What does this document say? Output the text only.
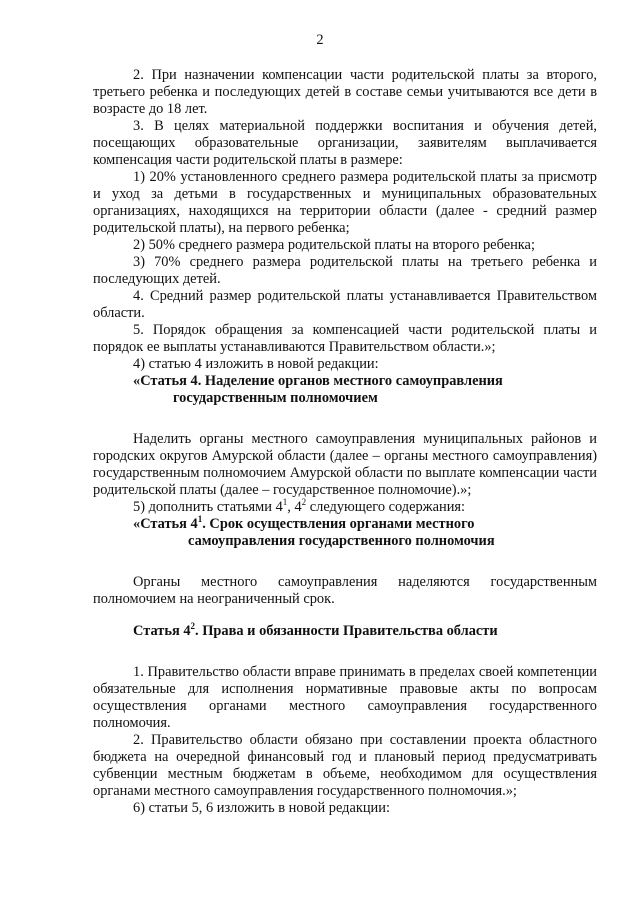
2

2. При назначении компенсации части родительской платы за второго, третьего ребенка и последующих детей в составе семьи учитываются все дети в возрасте до 18 лет.

3. В целях материальной поддержки воспитания и обучения детей, посещающих образовательные организации, заявителям выплачивается компенсация части родительской платы в размере:

1) 20% установленного среднего размера родительской платы за присмотр и уход за детьми в государственных и муниципальных образовательных организациях, находящихся на территории области (далее - средний размер родительской платы), на первого ребенка;

2) 50% среднего размера родительской платы на второго ребенка;

3) 70% среднего размера родительской платы на третьего ребенка и последующих детей.

4. Средний размер родительской платы устанавливается Правительством области.

5. Порядок обращения за компенсацией части родительской платы и порядок ее выплаты устанавливаются Правительством области.»;

4) статью 4 изложить в новой редакции:

«Статья 4. Наделение органов местного самоуправления

государственным полномочием

Наделить органы местного самоуправления муниципальных районов и городских округов Амурской области (далее – органы местного самоуправления) государственным полномочием Амурской области по выплате компенсации части родительской платы (далее – государственное полномочие).»;

5) дополнить статьями $4^1$, $4^2$ следующего содержания:

«Статья $4^1$. Срок осуществления органами местного

самоуправления государственного полномочия

Органы местного самоуправления наделяются государственным полномочием на неограниченный срок.

Статья $4^2$. Права и обязанности Правительства области

1. Правительство области вправе принимать в пределах своей компетенции обязательные для исполнения нормативные правовые акты по вопросам осуществления органами местного самоуправления государственного полномочия.

2. Правительство области обязано при составлении проекта областного бюджета на очередной финансовый год и плановый период предусматривать субвенции местным бюджетам в объеме, необходимом для осуществления органами местного самоуправления государственного полномочия.»;

6) статьи 5, 6 изложить в новой редакции:
